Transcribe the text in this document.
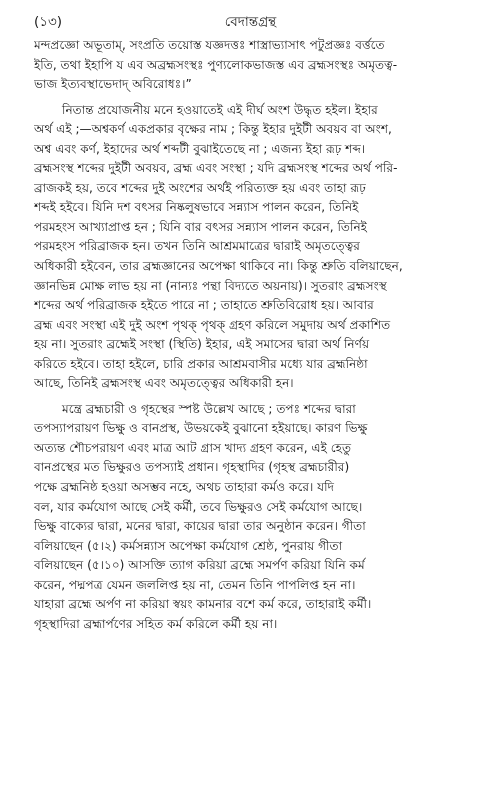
(১৩)	বেদান্তগ্রন্থ
মন্দপ্রজ্ঞো অভূতাম্‌, সংপ্রতি তয়োস্ত যজ্ঞদত্তঃ শাস্ত্রাভ্যাসাৎ পটুপ্রজ্ঞঃ বর্ত্ততে
ইতি, তথা ইহাপি য এব অব্রহ্মসংস্থঃ পুণ্যলোকভাজস্ত এব ব্রহ্মসংস্থঃ অমৃতত্ব-
ভাজ ইত্যবস্থাভেদাদ্‌ অবিরোধঃ।”
নিতান্ত প্রযোজনীয় মনে হওয়াতেই এই দীর্ঘ অংশ উদ্ধৃত হইল। ইহার
অর্থ এই ;—অশ্বকর্ণ একপ্রকার বৃক্ষের নাম ; কিন্তু ইহার দুইটী অবয়ব বা অংশ,
অশ্ব এবং কর্ণ, ইহাদের অর্থ শব্দটী বুঝাইতেছে না ; এজন্য ইহা রূঢ় শব্দ।
ব্রহ্মসংস্থ শব্দের দুইটী অবয়ব, ব্রহ্ম এবং সংস্থা ; যদি ব্রহ্মসংস্থ শব্দের অর্থ পরি-
ব্রাজকই হয়, তবে শব্দের দুই অংশের অর্থই পরিত্যক্ত হয় এবং তাহা রূঢ়
শব্দই হইবে। যিনি দশ বৎসর নিষ্কলুষভাবে সন্ন্যাস পালন করেন, তিনিই
পরমহংস আখ্যাপ্রাপ্ত হন ; যিনি বার বৎসর সন্ন্যাস পালন করেন, তিনিই
পরমহংস পরিব্রাজক হন। তখন তিনি আশ্রমমাত্রের দ্বারাই অমৃতত্ত্বের
অধিকারী হইবেন, তার ব্রহ্মজ্ঞানের অপেক্ষা থাকিবে না। কিন্তু শ্রুতি বলিয়াছেন,
জ্ঞানভিন্ন মোক্ষ লাভ হয় না (নান্যঃ পন্থা বিদ্যতে অয়নায়)। সুতরাং ব্রহ্মসংস্থ
শব্দের অর্থ পরিব্রাজক হইতে পারে না ; তাহাতে শ্রুতিবিরোধ হয়। আবার
ব্রহ্ম এবং সংস্থা এই দুই অংশ পৃথক্‌ পৃথক্‌ গ্রহণ করিলে সমুদায় অর্থ প্রকাশিত
হয় না। সুতরাং ব্রহ্মেই সংস্থা (স্থিতি) ইহার, এই সমাসের দ্বারা অর্থ নির্ণয়
করিতে হইবে। তাহা হইলে, চারি প্রকার আশ্রমবাসীর মধ্যে যার ব্রহ্মনিষ্ঠা
আছে, তিনিই ব্রহ্মসংস্থ এবং অমৃতত্ত্বের অধিকারী হন।
মন্ত্রে ব্রহ্মচারী ও গৃহস্থের স্পষ্ট উল্লেখ আছে ; তপঃ শব্দের দ্বারা
তপস্যাপরায়ণ ভিক্ষু ও বানপ্রস্থ, উভয়কেই বুঝানো হইয়াছে। কারণ ভিক্ষু
অত্যন্ত শৌচপরায়ণ এবং মাত্র আট গ্রাস খাদ্য গ্রহণ করেন, এই হেতু
বানপ্রস্থের মত ভিক্ষুরও তপস্যাই প্রধান। গৃহস্থাদির (গৃহস্থ ব্রহ্মচারীর)
পক্ষে ব্রহ্মনিষ্ঠ হওয়া অসম্ভব নহে, অথচ তাহারা কর্মও করে। যদি
বল, যার কর্মযোগ আছে সেই কর্মী, তবে ভিক্ষুরও সেই কর্মযোগ আছে।
ভিক্ষু বাক্যের দ্বারা, মনের দ্বারা, কায়ের দ্বারা তার অনুষ্ঠান করেন। গীতা
বলিয়াছেন (৫।২) কর্মসন্ন্যাস অপেক্ষা কর্মযোগ শ্রেষ্ঠ, পুনরায় গীতা
বলিয়াছেন (৫।১০) আসক্তি ত্যাগ করিয়া ব্রহ্মে সমর্পণ করিয়া যিনি কর্ম
করেন, পদ্মপত্র যেমন জললিপ্ত হয় না, তেমন তিনি পাপলিপ্ত হন না।
যাহারা ব্রহ্মে অর্পণ না করিয়া স্বয়ং কামনার বশে কর্ম করে, তাহারাই কর্মী।
গৃহস্থাদিরা ব্রহ্মার্পণের সহিত কর্ম করিলে কর্মী হয় না।
